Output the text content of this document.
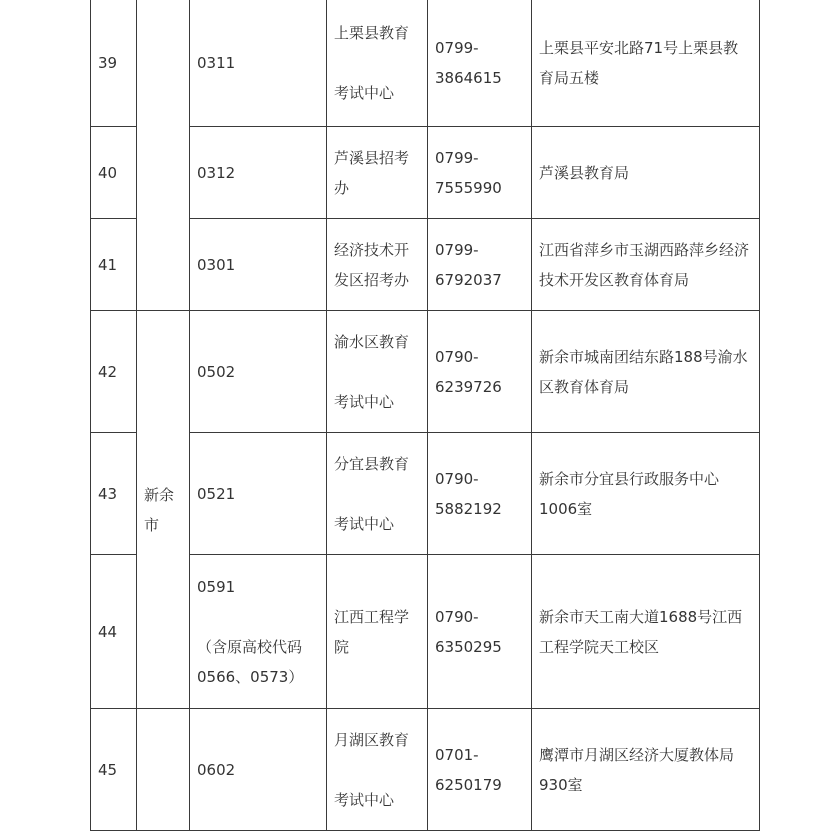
39		0311	上栗县教育
考试中心	0799-
3864615	上栗县平安北路71号上栗县教
育局五楼

40		0312	芦溪县招考
办	0799-
7555990	芦溪县教育局

41		0301	经济技术开
发区招考办	0799-
6792037	江西省萍乡市玉湖西路萍乡经济
技术开发区教育体育局

42	新余
市	0502	渝水区教育
考试中心	0790-
6239726	新余市城南团结东路188号渝水
区教育体育局

43		0521	分宜县教育
考试中心	0790-
5882192	新余市分宜县行政服务中心
1006室

44		0591
（含原高校代码
0566、0573）	江西工程学
院	0790-
6350295	新余市天工南大道1688号江西
工程学院天工校区

45		0602	月湖区教育
考试中心	0701-
6250179	鹰潭市月湖区经济大厦教体局
930室
